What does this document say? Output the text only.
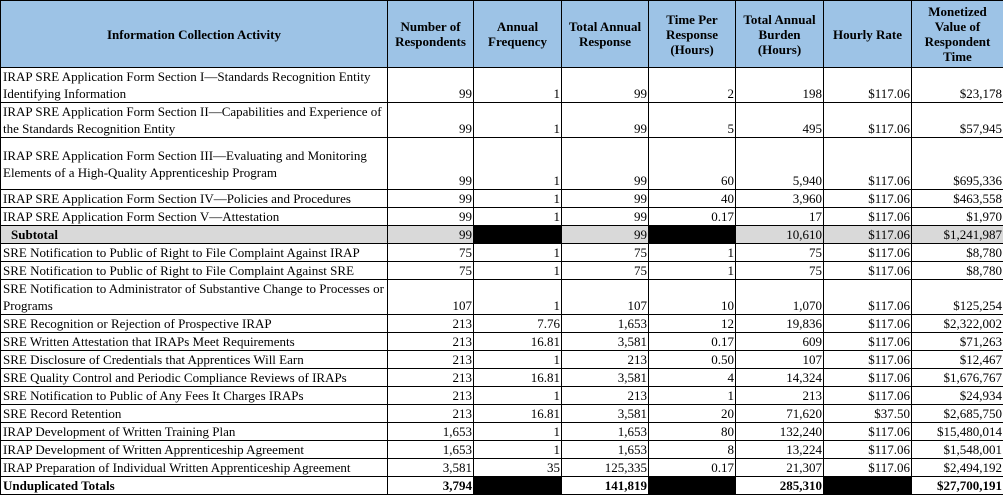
Information Collection Activity	Number of Respondents	Annual Frequency	Total Annual Response	Time Per Response (Hours)	Total Annual Burden (Hours)	Hourly Rate	Monetized Value of Respondent Time
IRAP SRE Application Form Section I—Standards Recognition Entity Identifying Information	99	1	99	2	198	$117.06	$23,178
IRAP SRE Application Form Section II—Capabilities and Experience of the Standards Recognition Entity	99	1	99	5	495	$117.06	$57,945
IRAP SRE Application Form Section III—Evaluating and Monitoring Elements of a High-Quality Apprenticeship Program	99	1	99	60	5,940	$117.06	$695,336
IRAP SRE Application Form Section IV—Policies and Procedures	99	1	99	40	3,960	$117.06	$463,558
IRAP SRE Application Form Section V—Attestation	99	1	99	0.17	17	$117.06	$1,970
Subtotal	99		99		10,610	$117.06	$1,241,987
SRE Notification to Public of Right to File Complaint Against IRAP	75	1	75	1	75	$117.06	$8,780
SRE Notification to Public of Right to File Complaint Against SRE	75	1	75	1	75	$117.06	$8,780
SRE Notification to Administrator of Substantive Change to Processes or Programs	107	1	107	10	1,070	$117.06	$125,254
SRE Recognition or Rejection of Prospective IRAP	213	7.76	1,653	12	19,836	$117.06	$2,322,002
SRE Written Attestation that IRAPs Meet Requirements	213	16.81	3,581	0.17	609	$117.06	$71,263
SRE Disclosure of Credentials that Apprentices Will Earn	213	1	213	0.50	107	$117.06	$12,467
SRE Quality Control and Periodic Compliance Reviews of IRAPs	213	16.81	3,581	4	14,324	$117.06	$1,676,767
SRE Notification to Public of Any Fees It Charges IRAPs	213	1	213	1	213	$117.06	$24,934
SRE Record Retention	213	16.81	3,581	20	71,620	$37.50	$2,685,750
IRAP Development of Written Training Plan	1,653	1	1,653	80	132,240	$117.06	$15,480,014
IRAP Development of Written Apprenticeship Agreement	1,653	1	1,653	8	13,224	$117.06	$1,548,001
IRAP Preparation of Individual Written Apprenticeship Agreement	3,581	35	125,335	0.17	21,307	$117.06	$2,494,192
Unduplicated Totals	3,794		141,819		285,310		$27,700,191
